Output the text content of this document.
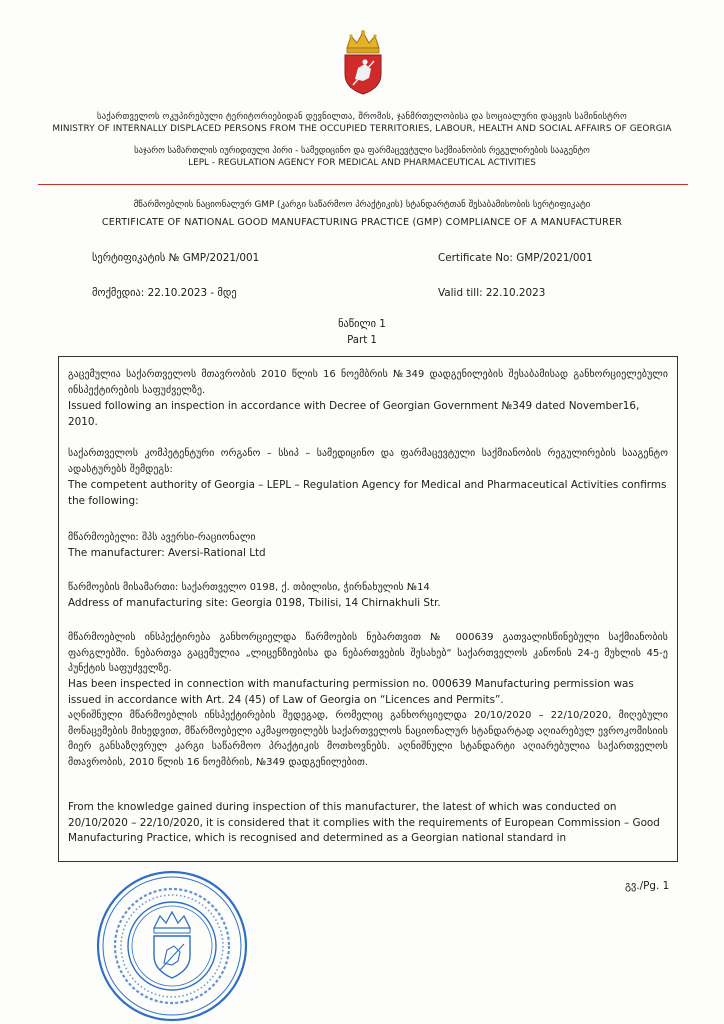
საქართველოს ოკუპირებული ტერიტორიებიდან დევნილთა, შრომის, ჯანმრთელობისა და სოციალური დაცვის სამინისტრო
MINISTRY OF INTERNALLY DISPLACED PERSONS FROM THE OCCUPIED TERRITORIES, LABOUR, HEALTH AND SOCIAL AFFAIRS OF GEORGIA
საჯარო სამართლის იურიდიული პირი - სამედიცინო და ფარმაცევტული საქმიანობის რეგულირების სააგენტო
LEPL - REGULATION AGENCY FOR MEDICAL AND PHARMACEUTICAL ACTIVITIES
მწარმოებლის ნაციონალურ GMP (კარგი საწარმოო პრაქტიკის) სტანდარტთან შესაბამისობის სერტიფიკატი
CERTIFICATE OF NATIONAL GOOD MANUFACTURING PRACTICE (GMP) COMPLIANCE OF A MANUFACTURER
სერტიფიკატის № GMP/2021/001	Certificate No: GMP/2021/001
მოქმედია: 22.10.2023 - მდე	Valid till: 22.10.2023
ნაწილი 1
Part 1
გაცემულია საქართველოს მთავრობის 2010 წლის 16 ნოემბრის №349 დადგენილების შესაბამისად განხორციელებული ინსპექტირების საფუძველზე.
Issued following an inspection in accordance with Decree of Georgian Government №349 dated November16, 2010.
საქართველოს კომპეტენტური ორგანო – სსიპ – სამედიცინო და ფარმაცევტული საქმიანობის რეგულირების სააგენტო ადასტურებს შემდეგს:
The competent authority of Georgia – LEPL – Regulation Agency for Medical and Pharmaceutical Activities confirms the following:
მწარმოებელი: შპს ავერსი-რაციონალი
The manufacturer: Aversi-Rational Ltd
წარმოების მისამართი: საქართველო 0198, ქ. თბილისი, ჭირნახულის №14
Address of manufacturing site: Georgia 0198, Tbilisi, 14 Chirnakhuli Str.
მწარმოებლის ინსპექტირება განხორციელდა წარმოების ნებართვით № 000639 გათვალისწინებული საქმიანობის ფარგლებში. ნებართვა გაცემულია „ლიცენზიებისა და ნებართვების შესახებ“ საქართველოს კანონის 24-ე მუხლის 45-ე პუნქტის საფუძველზე.
Has been inspected in connection with manufacturing permission no. 000639 Manufacturing permission was issued in accordance with Art. 24 (45) of Law of Georgia on “Licences and Permits”.
აღნიშნული მწარმოებლის ინსპექტირების შედეგად, რომელიც განხორციელდა 20/10/2020 – 22/10/2020, მიღებული მონაცემების მიხედვით, მწარმოებელი აკმაყოფილებს საქართველოს ნაციონალურ სტანდარტად აღიარებულ ევროკომისიის მიერ განსაზღვრულ კარგი საწარმოო პრაქტიკის მოთხოვნებს. აღნიშნული სტანდარტი აღიარებულია საქართველოს მთავრობის, 2010 წლის 16 ნოემბრის, №349 დადგენილებით.
From the knowledge gained during inspection of this manufacturer, the latest of which was conducted on 20/10/2020 – 22/10/2020, it is considered that it complies with the requirements of European Commission – Good Manufacturing Practice, which is recognised and determined as a Georgian national standard in
გვ./Pg. 1
